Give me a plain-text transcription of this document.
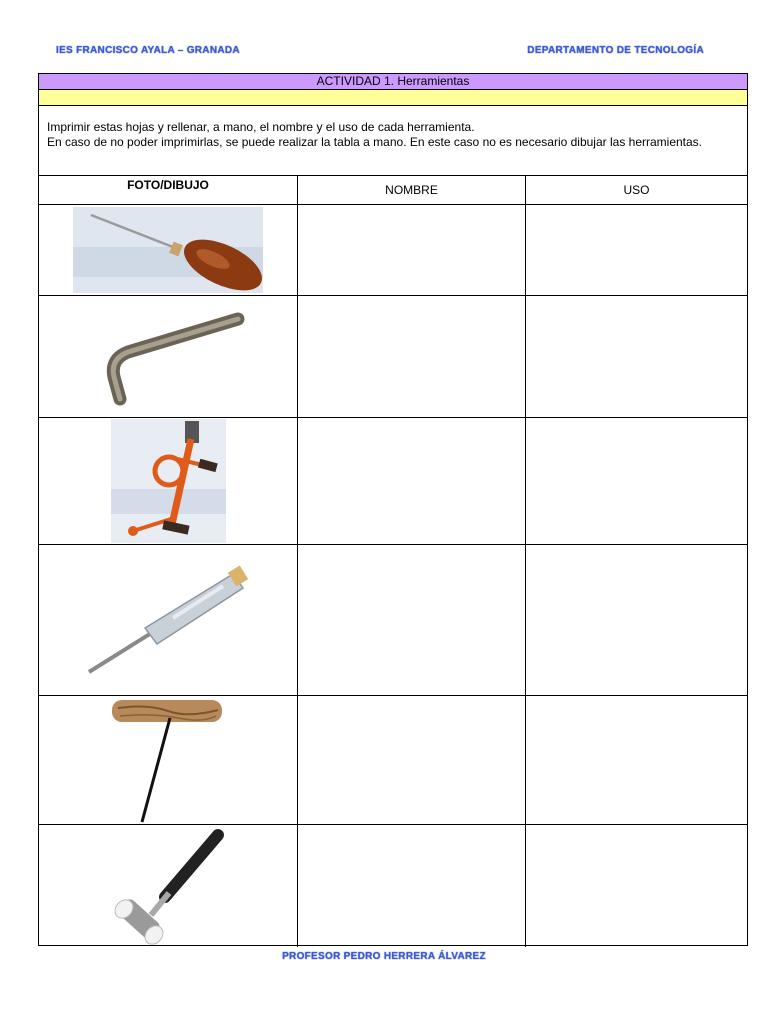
IES FRANCISCO AYALA – GRANADA	DEPARTAMENTO DE TECNOLOGÍA
ACTIVIDAD 1. Herramientas

Imprimir estas hojas y rellenar, a mano, el nombre y el uso de cada herramienta.

En caso de no poder imprimirlas, se puede realizar la tabla a mano. En este caso no es necesario dibujar las herramientas.

FOTO/DIBUJO	NOMBRE	USO
PROFESOR PEDRO HERRERA ÁLVAREZ
